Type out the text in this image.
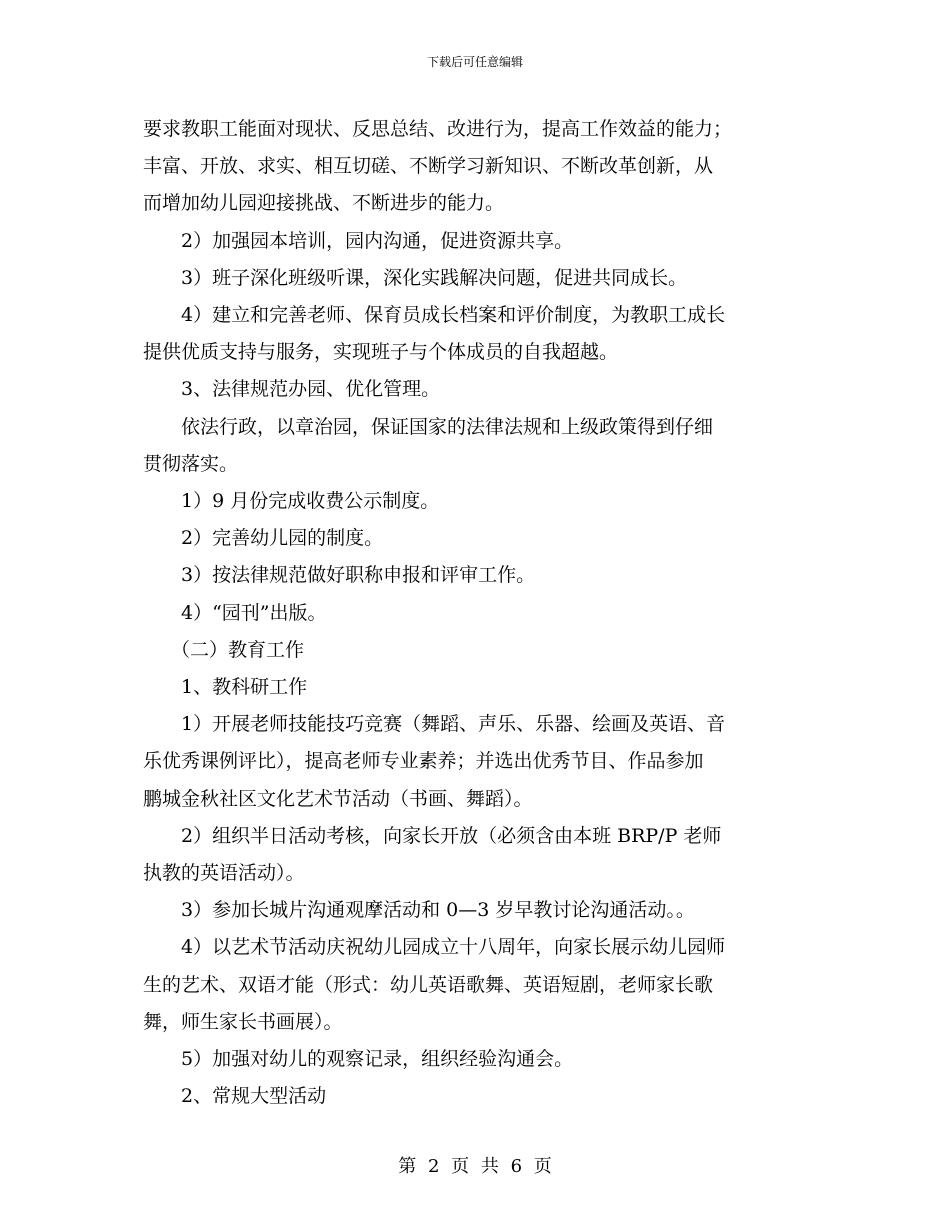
下载后可任意编辑

要求教职工能面对现状、反思总结、改进行为，提高工作效益的能力；

丰富、开放、求实、相互切磋、不断学习新知识、不断改革创新，从

而增加幼儿园迎接挑战、不断进步的能力。

2）加强园本培训，园内沟通，促进资源共享。

3）班子深化班级听课，深化实践解决问题，促进共同成长。

4）建立和完善老师、保育员成长档案和评价制度，为教职工成长

提供优质支持与服务，实现班子与个体成员的自我超越。

3、法律规范办园、优化管理。

依法行政，以章治园，保证国家的法律法规和上级政策得到仔细

贯彻落实。

1）9 月份完成收费公示制度。

2）完善幼儿园的制度。

3）按法律规范做好职称申报和评审工作。

4）“园刊”出版。

（二）教育工作

1、教科研工作

1）开展老师技能技巧竞赛（舞蹈、声乐、乐器、绘画及英语、音

乐优秀课例评比），提高老师专业素养；并选出优秀节目、作品参加

鹏城金秋社区文化艺术节活动（书画、舞蹈）。

2）组织半日活动考核，向家长开放（必须含由本班 BRP/P 老师

执教的英语活动）。

3）参加长城片沟通观摩活动和 0—3 岁早教讨论沟通活动。。

4）以艺术节活动庆祝幼儿园成立十八周年，向家长展示幼儿园师

生的艺术、双语才能（形式：幼儿英语歌舞、英语短剧，老师家长歌

舞，师生家长书画展）。

5）加强对幼儿的观察记录，组织经验沟通会。

2、常规大型活动

第 2 页 共 6 页
